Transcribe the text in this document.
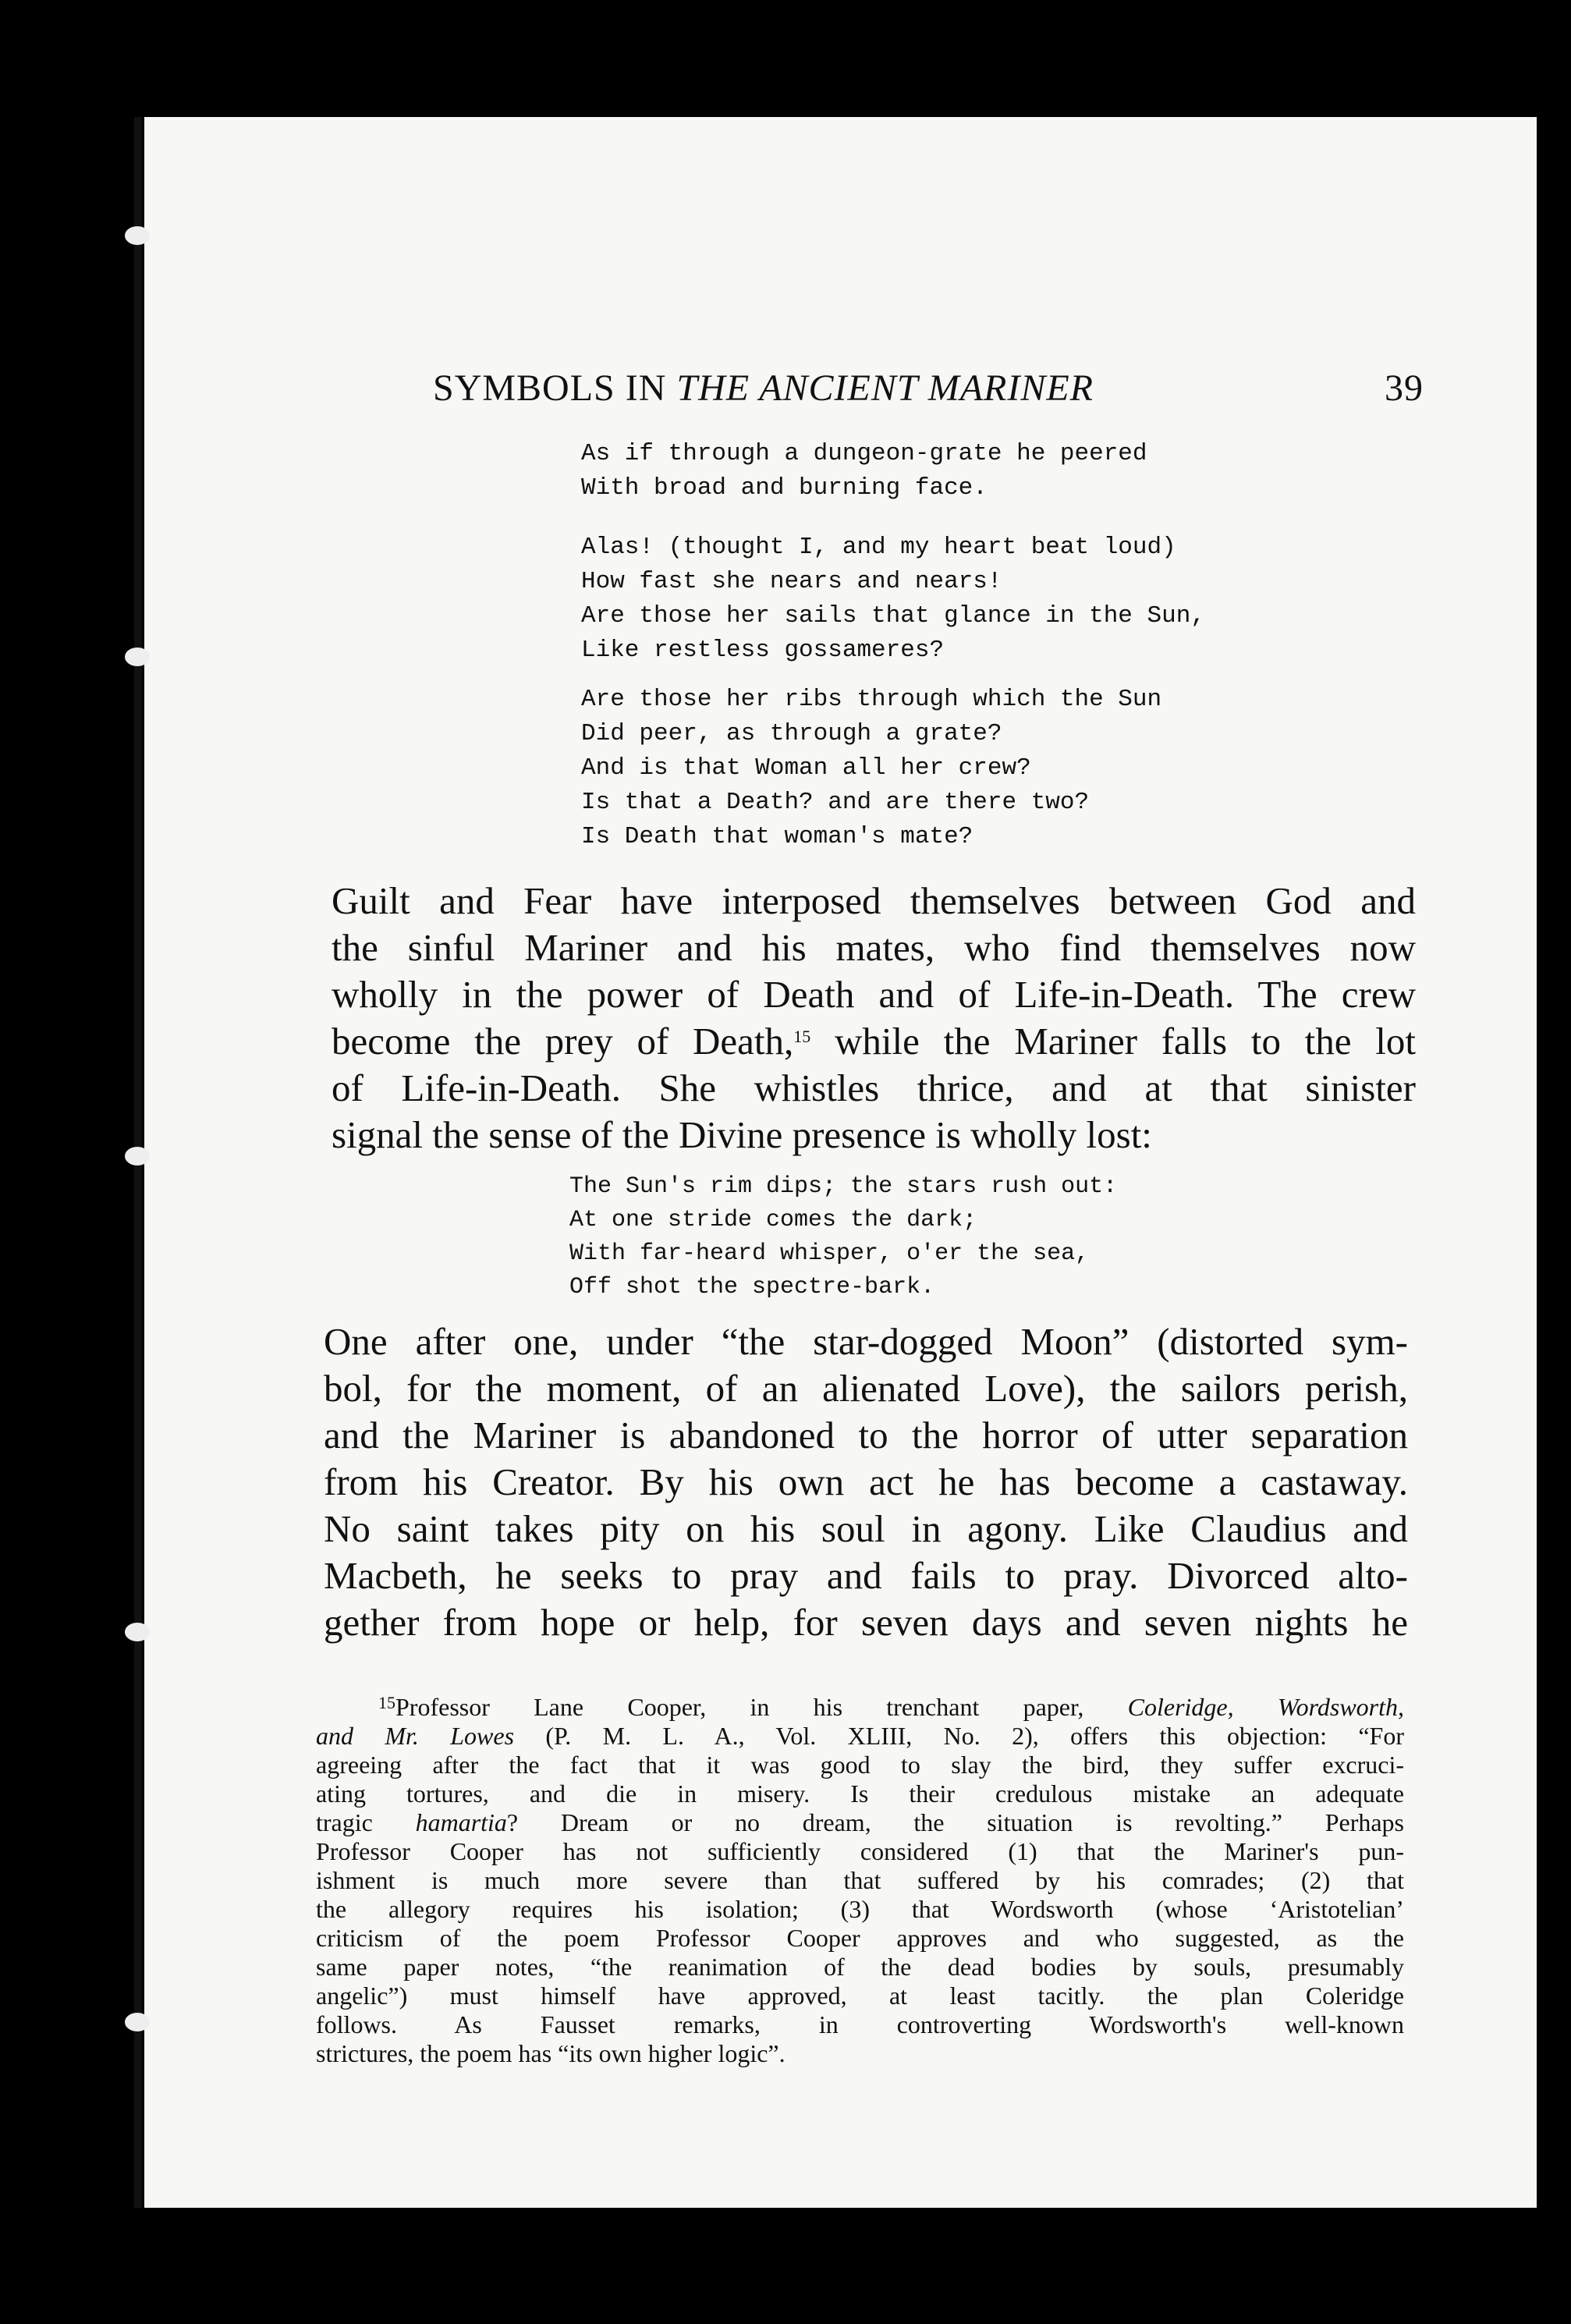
SYMBOLS IN THE ANCIENT MARINER	39
As if through a dungeon-grate he peered
With broad and burning face.
Alas! (thought I, and my heart beat loud)
How fast she nears and nears!
Are those her sails that glance in the Sun,
Like restless gossameres?
Are those her ribs through which the Sun
Did peer, as through a grate?
And is that Woman all her crew?
Is that a Death? and are there two?
Is Death that woman's mate?
Guilt and Fear have interposed themselves between God and
the sinful Mariner and his mates, who find themselves now
wholly in the power of Death and of Life-in-Death. The crew
become the prey of Death,$^{15}$ while the Mariner falls to the lot
of Life-in-Death. She whistles thrice, and at that sinister
signal the sense of the Divine presence is wholly lost:
The Sun's rim dips; the stars rush out:
At one stride comes the dark;
With far-heard whisper, o'er the sea,
Off shot the spectre-bark.
One after one, under “the star-dogged Moon” (distorted sym-
bol, for the moment, of an alienated Love), the sailors perish,
and the Mariner is abandoned to the horror of utter separation
from his Creator. By his own act he has become a castaway.
No saint takes pity on his soul in agony. Like Claudius and
Macbeth, he seeks to pray and fails to pray. Divorced alto-
gether from hope or help, for seven days and seven nights he
$^{15}$Professor Lane Cooper, in his trenchant paper, Coleridge, Wordsworth,
and Mr. Lowes (P. M. L. A., Vol. XLIII, No. 2), offers this objection: “For
agreeing after the fact that it was good to slay the bird, they suffer excruci-
ating tortures, and die in misery. Is their credulous mistake an adequate
tragic hamartia? Dream or no dream, the situation is revolting.” Perhaps
Professor Cooper has not sufficiently considered (1) that the Mariner's pun-
ishment is much more severe than that suffered by his comrades; (2) that
the allegory requires his isolation; (3) that Wordsworth (whose ‘Aristotelian’
criticism of the poem Professor Cooper approves and who suggested, as the
same paper notes, “the reanimation of the dead bodies by souls, presumably
angelic”) must himself have approved, at least tacitly. the plan Coleridge
follows. As Fausset remarks, in controverting Wordsworth's well-known
strictures, the poem has “its own higher logic”.
